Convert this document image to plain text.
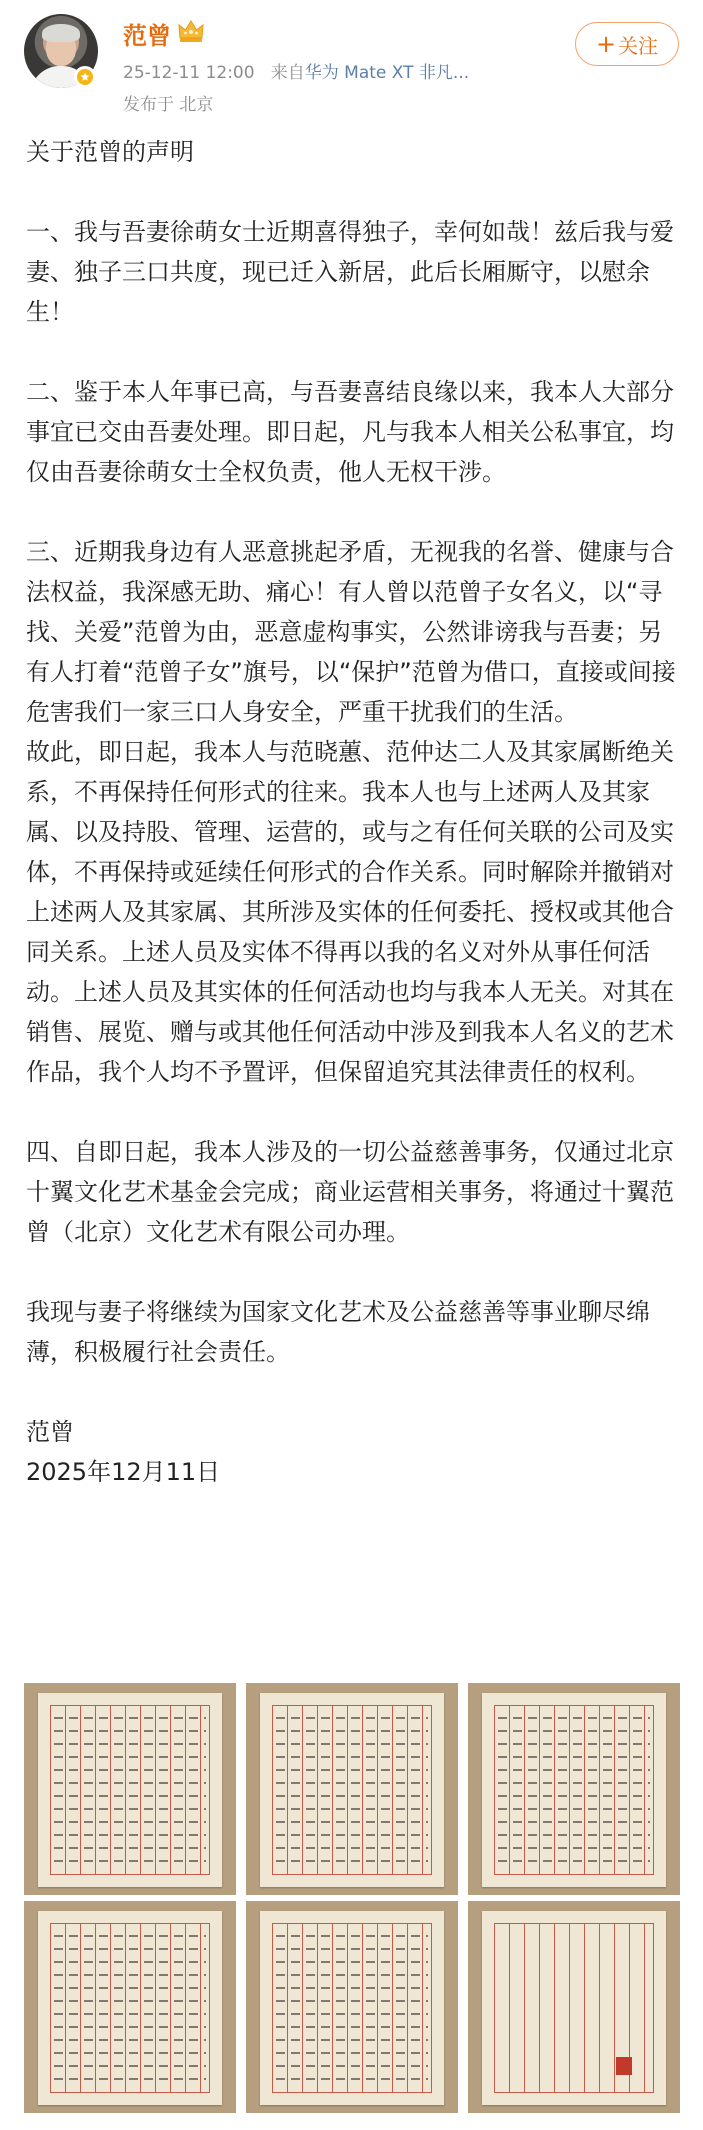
范曾
25-12-11 12:00 来自华为 Mate XT 非凡...
发布于 北京
+ 关注

关于范曾的声明

一、我与吾妻徐萌女士近期喜得独子，幸何如哉！兹后我与爱妻、独子三口共度，现已迁入新居，此后长厢厮守，以慰余生！

二、鉴于本人年事已高，与吾妻喜结良缘以来，我本人大部分事宜已交由吾妻处理。即日起，凡与我本人相关公私事宜，均仅由吾妻徐萌女士全权负责，他人无权干涉。

三、近期我身边有人恶意挑起矛盾，无视我的名誉、健康与合法权益，我深感无助、痛心！有人曾以范曾子女名义，以“寻找、关爱”范曾为由，恶意虚构事实，公然诽谤我与吾妻；另有人打着“范曾子女”旗号，以“保护”范曾为借口，直接或间接危害我们一家三口人身安全，严重干扰我们的生活。

故此，即日起，我本人与范晓蕙、范仲达二人及其家属断绝关系，不再保持任何形式的往来。我本人也与上述两人及其家属、以及持股、管理、运营的，或与之有任何关联的公司及实体，不再保持或延续任何形式的合作关系。同时解除并撤销对上述两人及其家属、其所涉及实体的任何委托、授权或其他合同关系。上述人员及实体不得再以我的名义对外从事任何活动。上述人员及其实体的任何活动也均与我本人无关。对其在销售、展览、赠与或其他任何活动中涉及到我本人名义的艺术作品，我个人均不予置评，但保留追究其法律责任的权利。

四、自即日起，我本人涉及的一切公益慈善事务，仅通过北京十翼文化艺术基金会完成；商业运营相关事务，将通过十翼范曾（北京）文化艺术有限公司办理。

我现与妻子将继续为国家文化艺术及公益慈善等事业聊尽绵薄，积极履行社会责任。

范曾

2025年12月11日
